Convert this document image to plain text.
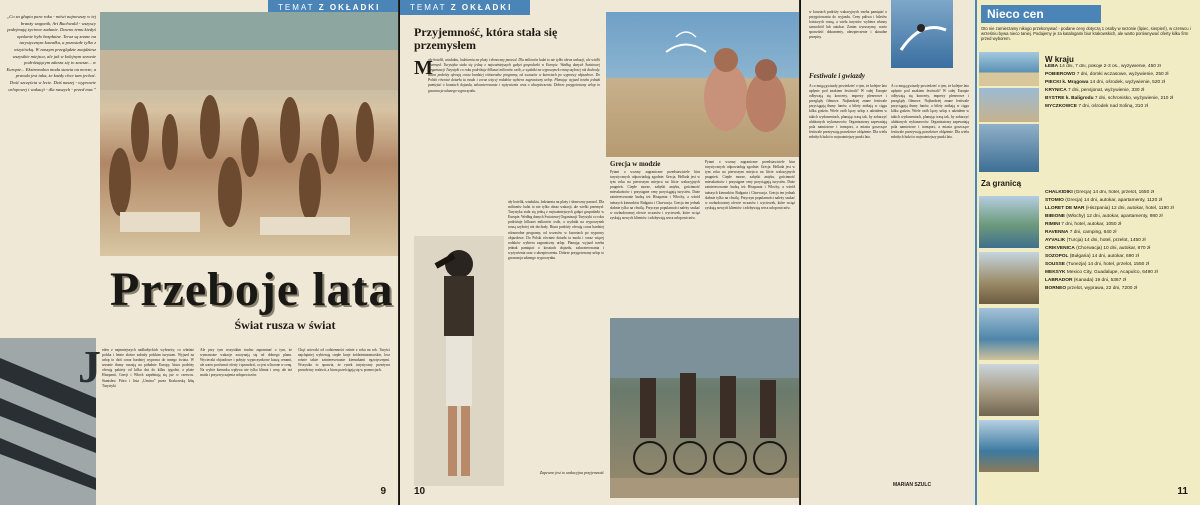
TEMAT
Z OKŁADKI
„Co za głupia para roku - mówi najnowszy w tej branży wagonik, Art Buchwald - wszyscy podejmują życiowe zadanie. Dawno temu kiedyś opalanie było bezpłatne. Teraz są znane na turystycznym kawałku, a pozostałe tylko z wizytówką. W naszym przeglądzie znajdziesz wszystkie miejsca, ale jak w kolejnym sezonie podróżującym zdarza się to zawsze... w Europie... Ekstremalna moda stawia na morze, a prawda jest taka, że każdy chce tam jechać. Dość szczęścia w lecie. Dziś naszej - wyprawie urlopowej i wakacji - dla naszych - przed mur.”
Przeboje lata
Świat rusza w świat
J eden z najmniejszych nadbałtyckich wybrzeży, co właśnie polska i letnie słońce zabrały polskim turystom. Wyjazd na urlop to dziś coraz bardziej wyprawa do innego świata. W sezonie tłumy ruszają na południe Europy, biura podróży oferują pakiety od kilku dni do kilku tygodni, a plaże Hiszpanii, Grecji i Włoch zapełniają się już w czerwcu. Stanisław Pióro i lista „Umiwa” przez Krakowską Izbę Turystyki
Ale przy tym wszystkim trudno zapominać o tym, że wymarzone wakacje zaczynają się od dobrego planu. Wycieczki objazdowe i pobyty wypoczynkowe kuszą cenami, ale warto porównać oferty i sprawdzić, co jest wliczone w cenę. Na wybór kierunku wpływa nie tylko klimat i ceny, ale też moda i przyzwyczajenia urlopowiczów.
Chęć ucieczki od codzienności rośnie z roku na rok. Turyści najchętniej wybierają ciepłe kraje śródziemnomorskie, lecz rośnie także zainteresowanie kierunkami egzotycznymi. Wszystko to sprawia, że rynek turystyczny przeżywa prawdziwy rozkwit, a biura prześcigają się w promocjach.
9
TEMAT
Z OKŁADKI
Przyjemność, która stała się przemysłem
M
ały hotelik, wiaduktu, lodziarnia na plaży i słoneczny parasol. Dla milionów ludzi to nie tylko obraz wakacji, ale wielki przemysł. Turystyka stała się jedną z najważniejszych gałęzi gospodarki w Europie. Według danych Światowej Organizacji Turystyki co roku podróżuje kilkaset milionów osób, a wydatki na wypoczynek rosną szybciej niż dochody. Biura podróży oferują coraz bardziej różnorodne programy, od wczasów w kurortach po wyprawy objazdowe. Do Polski również dotarła ta moda i coraz więcej rodaków wybiera zagraniczny urlop. Planując wyjazd trzeba jednak pamiętać o kosztach dojazdu, zakwaterowania i wyżywienia oraz o ubezpieczeniu. Dobrze przygotowany urlop to gwarancja udanego wypoczynku.
ały hotelik, wiaduktu, lodziarnia na plaży i słoneczny parasol. Dla milionów ludzi to nie tylko obraz wakacji, ale wielki przemysł. Turystyka stała się jedną z najważniejszych gałęzi gospodarki w Europie. Według danych Światowej Organizacji Turystyki co roku podróżuje kilkaset milionów osób, a wydatki na wypoczynek rosną szybciej niż dochody. Biura podróży oferują coraz bardziej różnorodne programy, od wczasów w kurortach po wyprawy objazdowe. Do Polski również dotarła ta moda i coraz więcej rodaków wybiera zagraniczny urlop. Planując wyjazd trzeba jednak pamiętać o kosztach dojazdu, zakwaterowania i wyżywienia oraz o ubezpieczeniu. Dobrze przygotowany urlop to gwarancja udanego wypoczynku.
Grecja w modzie
Pytani o wczasy zagraniczne przedstawiciele biur turystycznych odpowiadają zgodnie: Grecja. Hellada jest w tym roku na pierwszym miejscu na liście wakacyjnych pragnień. Ciepłe morze, zabytki antyku, gościnność mieszkańców i przystępne ceny przyciągają turystów. Duże zainteresowanie budzą też Hiszpania i Włochy, a wśród tańszych kierunków Bułgaria i Chorwacja. Grecja ten jednak słabnie tylko na chwilę. Przyczyn popularności należy szukać w rozbudowanej ofercie wczasów i wycieczek, które wciąż zyskują nowych klientów i zdobywają serca urlopowiczów.
Pytani o wczasy zagraniczne przedstawiciele biur turystycznych odpowiadają zgodnie: Grecja. Hellada jest w tym roku na pierwszym miejscu na liście wakacyjnych pragnień. Ciepłe morze, zabytki antyku, gościnność mieszkańców i przystępne ceny przyciągają turystów. Duże zainteresowanie budzą też Hiszpania i Włochy, a wśród tańszych kierunków Bułgaria i Chorwacja. Grecja ten jednak słabnie tylko na chwilę. Przyczyn popularności należy szukać w rozbudowanej ofercie wczasów i wycieczek, które wciąż zyskują nowych klientów i zdobywają serca urlopowiczów.
Zapewne jest to wakacyjna przyjemność
10
w kosztach podróży wakacyjnych trzeba pamiętać o przygotowaniu do wyjazdu. Ceny paliwa i biletów lotniczych rosną, a wielu turystów wybiera własny samochód lub autokar. Zanim wyruszymy, warto sprawdzić dokumenty, ubezpieczenie i aktualne przepisy.
Festiwale i gwiazdy
A co mogą gwiazdy powiedzieć o tym, że kolejne lato upłynie pod znakiem festiwali? W całej Europie odbywają się koncerty, imprezy plenerowe i przeglądy filmowe. Najbardziej znane festiwale przyciągają tłumy fanów, a bilety znikają w ciągu kilku godzin. Wiele osób łączy urlop z udziałem w takich wydarzeniach, planując trasę tak, by zobaczyć ulubionych wykonawców. Organizatorzy zapewniają pola namiotowe i transport, a miasta goszczące festiwale przeżywają prawdziwe oblężenie. Dla wielu młodych ludzi to najważniejszy punkt lata.
A co mogą gwiazdy powiedzieć o tym, że kolejne lato upłynie pod znakiem festiwali? W całej Europie odbywają się koncerty, imprezy plenerowe i przeglądy filmowe. Najbardziej znane festiwale przyciągają tłumy fanów, a bilety znikają w ciągu kilku godzin. Wiele osób łączy urlop z udziałem w takich wydarzeniach, planując trasę tak, by zobaczyć ulubionych wykonawców. Organizatorzy zapewniają pola namiotowe i transport, a miasta goszczące festiwale przeżywają prawdziwe oblężenie. Dla wielu młodych ludzi to najważniejszy punkt lata.
MARIAN SZULC
Nieco cen
Oto nie zamierzamy nikogo przekonywać - podane ceny dotyczą 1 osoby w sezonie (lipiec, sierpień), w czerwcu i wrześniu bywa nieco taniej. Podajemy je za katalogami biur krakowskich, ale warto porównywać oferty kilku firm przed wyborem.
W kraju
ŁEBA 14 dni, 7 dni, pokoje 2-3 os., wyżywienie, 450 zł
POBIEROWO 7 dni, domki wczasowe, wyżywienie, 250 zł
PIECKI k. Mrągowa 14 dni, ośrodek, wyżywienie, 520 zł
KRYNICA 7 dni, pensjonat, wyżywienie, 330 zł
BYSTRE k. Baligrodu 7 dni, schronisko, wyżywienie, 210 zł
MYCZKOWCE 7 dni, ośrodek nad Soliną, 310 zł
Za granicą
CHALKIDIKI (Grecja) 14 dni, hotel, przelot, 1650 zł
STOMIO (Grecja) 14 dni, autokar, apartamenty, 1120 zł
LLORET DE MAR (Hiszpania) 12 dni, autokar, hotel, 1190 zł
BIBIONE (Włochy) 12 dni, autokar, apartamenty, 980 zł
RIMINI 7 dni, hotel, autokar, 1050 zł
RAVENNA 7 dni, camping, 640 zł
AYVALIK (Turcja) 14 dni, hotel, przelot, 1450 zł
CRIKVENICA (Chorwacja) 10 dni, autokar, 870 zł
SOZOPOL (Bułgaria) 14 dni, autokar, 690 zł
SOUSSE (Tunezja) 14 dni, hotel, przelot, 1550 zł
MEKSYK Mexico City, Guadalupe, Acapulco, 6490 zł
LABRADOR (Kanada) 19 dni, 5367 zł
BORNEO przelot, wyprawa, 22 dni, 7200 zł
11
